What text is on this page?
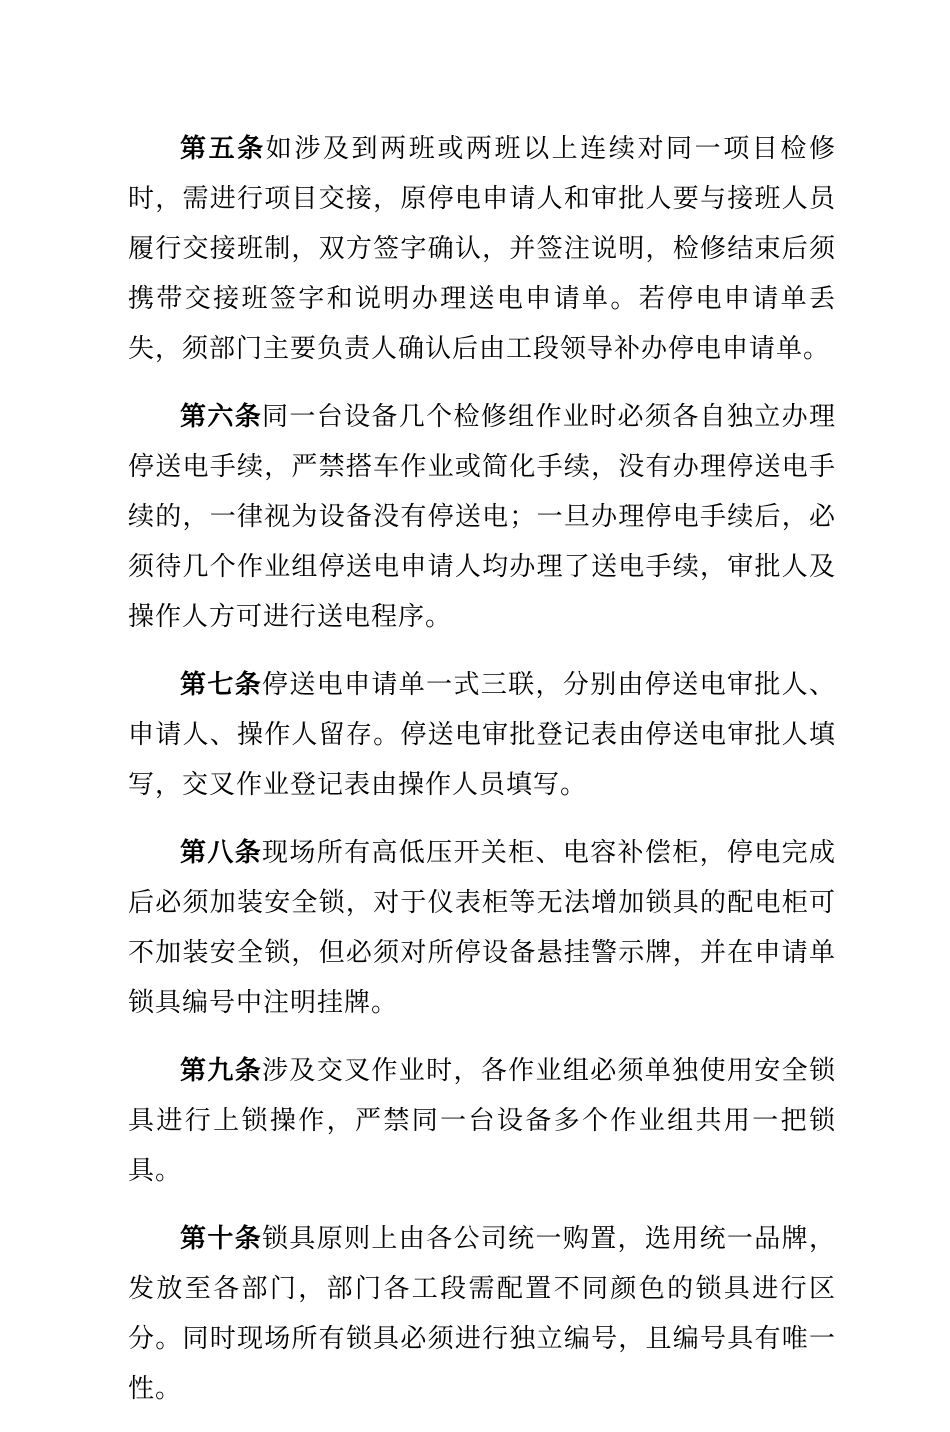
第五条如涉及到两班或两班以上连续对同一项目检修时，需进行项目交接，原停电申请人和审批人要与接班人员履行交接班制，双方签字确认，并签注说明，检修结束后须携带交接班签字和说明办理送电申请单。若停电申请单丢失，须部门主要负责人确认后由工段领导补办停电申请单。

第六条同一台设备几个检修组作业时必须各自独立办理停送电手续，严禁搭车作业或简化手续，没有办理停送电手续的，一律视为设备没有停送电；一旦办理停电手续后，必须待几个作业组停送电申请人均办理了送电手续，审批人及操作人方可进行送电程序。

第七条停送电申请单一式三联，分别由停送电审批人、申请人、操作人留存。停送电审批登记表由停送电审批人填写，交叉作业登记表由操作人员填写。

第八条现场所有高低压开关柜、电容补偿柜，停电完成后必须加装安全锁，对于仪表柜等无法增加锁具的配电柜可不加装安全锁，但必须对所停设备悬挂警示牌，并在申请单锁具编号中注明挂牌。

第九条涉及交叉作业时，各作业组必须单独使用安全锁具进行上锁操作，严禁同一台设备多个作业组共用一把锁具。

第十条锁具原则上由各公司统一购置，选用统一品牌，发放至各部门，部门各工段需配置不同颜色的锁具进行区分。同时现场所有锁具必须进行独立编号，且编号具有唯一性。
